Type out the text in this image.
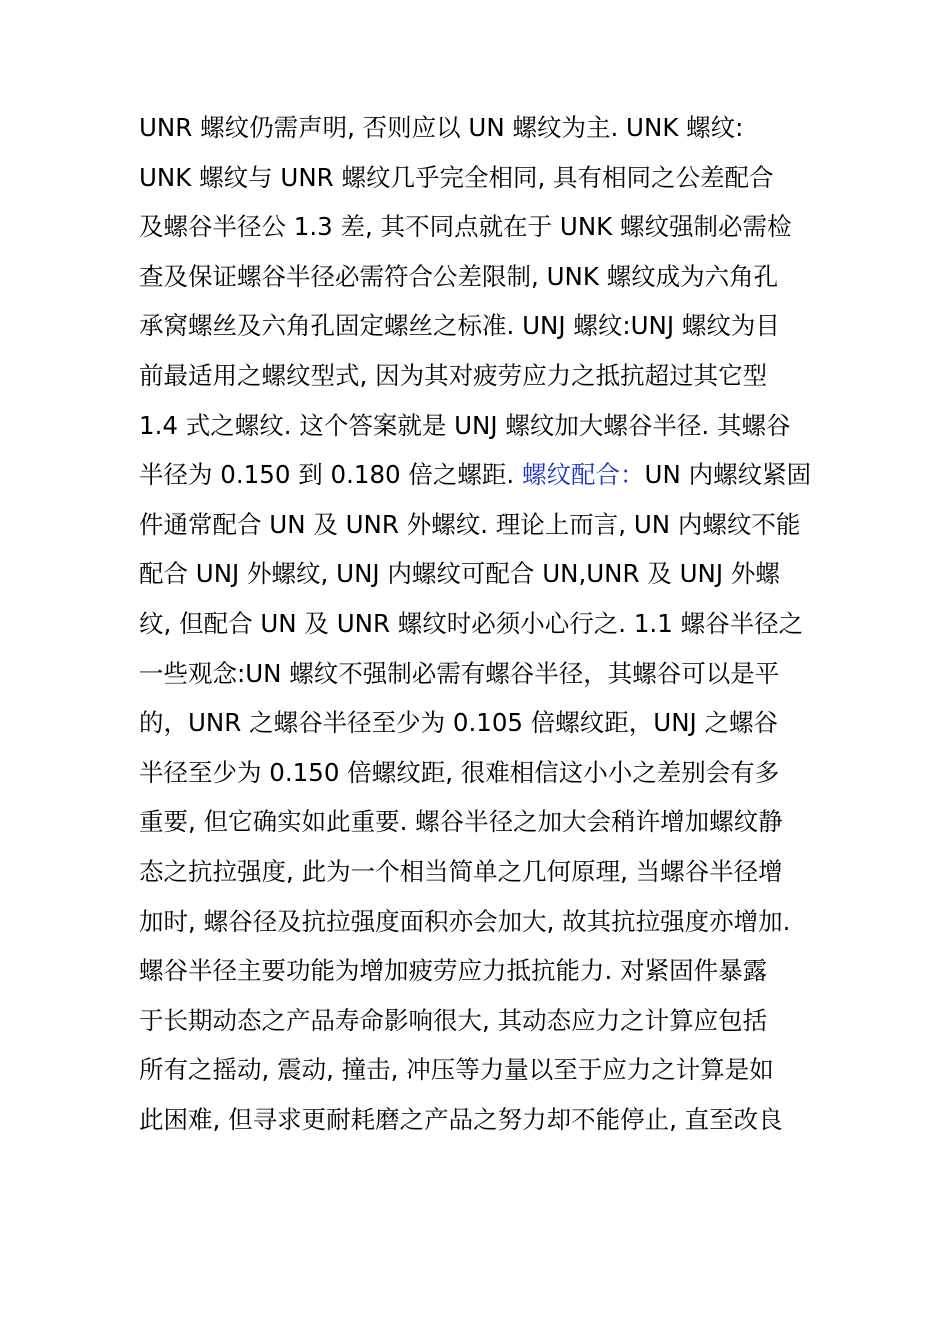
UNR 螺纹仍需声明, 否则应以 UN 螺纹为主. UNK 螺纹:
UNK 螺纹与 UNR 螺纹几乎完全相同, 具有相同之公差配合
及螺谷半径公 1.3 差, 其不同点就在于 UNK 螺纹强制必需检
查及保证螺谷半径必需符合公差限制, UNK 螺纹成为六角孔
承窝螺丝及六角孔固定螺丝之标准. UNJ 螺纹:UNJ 螺纹为目
前最适用之螺纹型式, 因为其对疲劳应力之抵抗超过其它型
1.4 式之螺纹. 这个答案就是 UNJ 螺纹加大螺谷半径. 其螺谷
半径为 0.150 到 0.180 倍之螺距. 螺纹配合：UN 内螺纹紧固
件通常配合 UN 及 UNR 外螺纹. 理论上而言, UN 内螺纹不能
配合 UNJ 外螺纹, UNJ 内螺纹可配合 UN,UNR 及 UNJ 外螺
纹, 但配合 UN 及 UNR 螺纹时必须小心行之. 1.1 螺谷半径之
一些观念:UN 螺纹不强制必需有螺谷半径，其螺谷可以是平
的，UNR 之螺谷半径至少为 0.105 倍螺纹距，UNJ 之螺谷
半径至少为 0.150 倍螺纹距, 很难相信这小小之差别会有多
重要, 但它确实如此重要. 螺谷半径之加大会稍许增加螺纹静
态之抗拉强度, 此为一个相当简单之几何原理, 当螺谷半径增
加时, 螺谷径及抗拉强度面积亦会加大, 故其抗拉强度亦增加.
螺谷半径主要功能为增加疲劳应力抵抗能力. 对紧固件暴露
于长期动态之产品寿命影响很大, 其动态应力之计算应包括
所有之摇动, 震动, 撞击, 冲压等力量以至于应力之计算是如
此困难, 但寻求更耐耗磨之产品之努力却不能停止, 直至改良
